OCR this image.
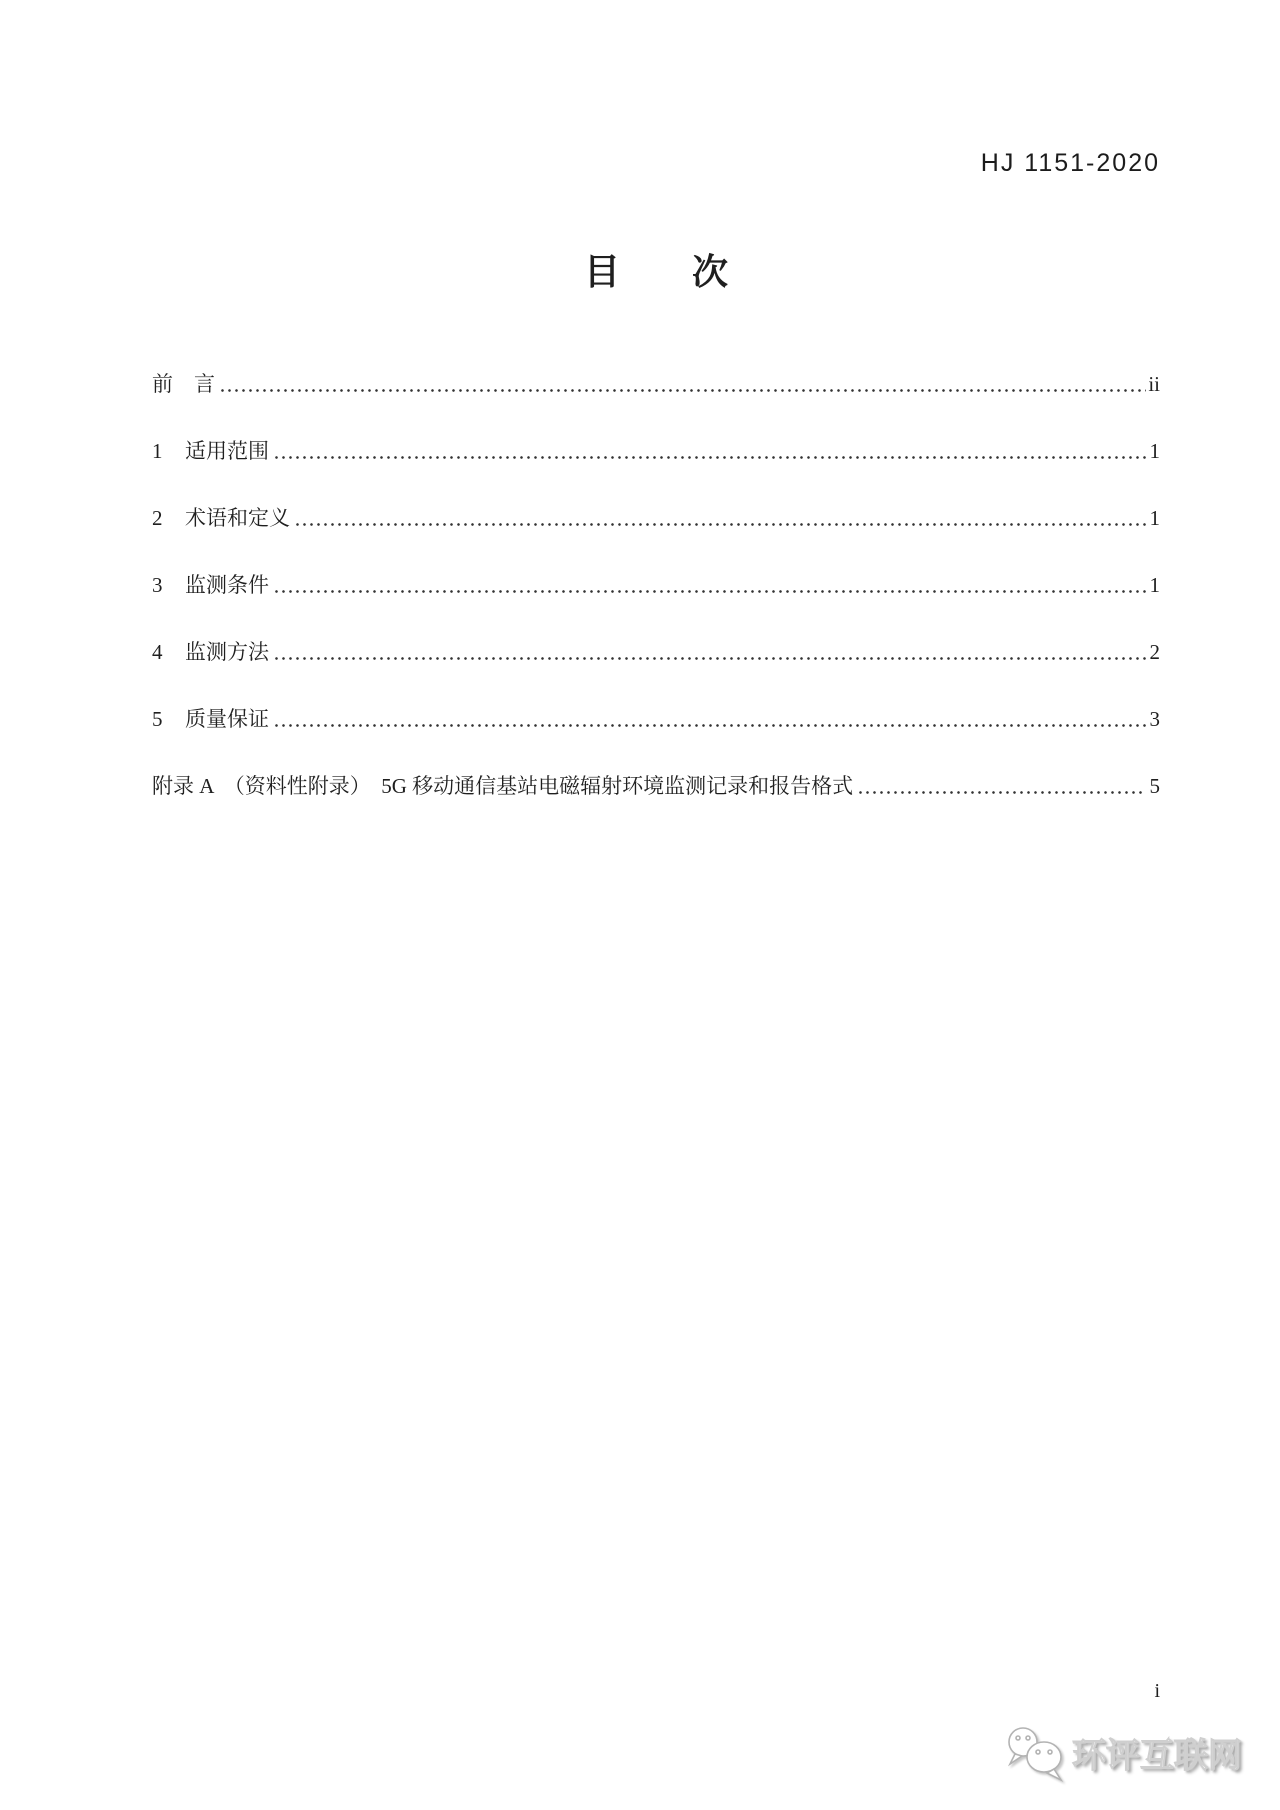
HJ 1151-2020
目　　次
前　言	ii
1	适用范围	1
2	术语和定义	1
3	监测条件	1
4	监测方法	2
5	质量保证	3
附录 A　（资料性附录）　5G 移动通信基站电磁辐射环境监测记录和报告格式	5
i
环评互联网
